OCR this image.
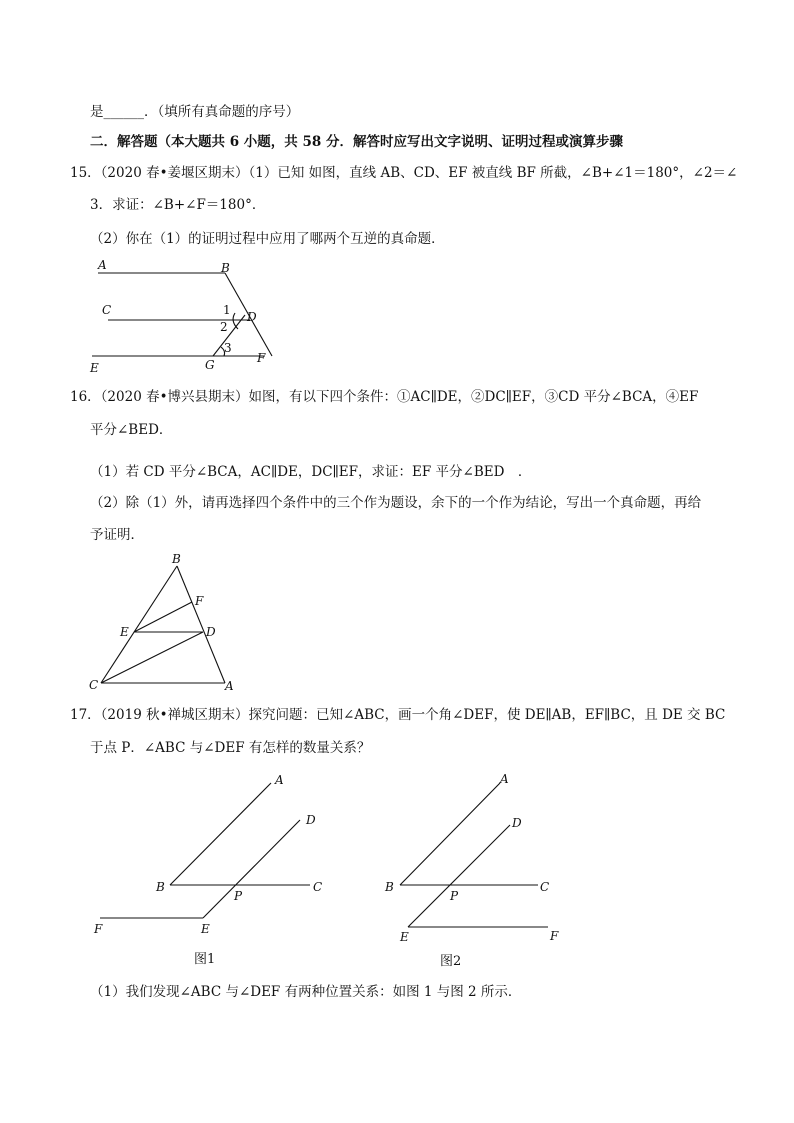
是______．（填所有真命题的序号）
二．解答题（本大题共 6 小题，共 58 分．解答时应写出文字说明、证明过程或演算步骤
15．（2020 春•姜堰区期末）（1）已知 如图，直线 AB、CD、EF 被直线 BF 所截，∠B+∠1＝180°，∠2＝∠
3．求证：∠B+∠F＝180°．
（2）你在（1）的证明过程中应用了哪两个互逆的真命题．
A	B
C	D
E
F
G
1
2
3
16．（2020 春•博兴县期末）如图，有以下四个条件：①AC∥DE，②DC∥EF，③CD 平分∠BCA，④EF
平分∠BED．
（1）若 CD 平分∠BCA，AC∥DE，DC∥EF，求证：EF 平分∠BED　．
（2）除（1）外，请再选择四个条件中的三个作为题设，余下的一个作为结论，写出一个真命题，再给
予证明．
B
F
E	D
C	A
17．（2019 秋•禅城区期末）探究问题：已知∠ABC，画一个角∠DEF，使 DE∥AB，EF∥BC，且 DE 交 BC
于点 P．∠ABC 与∠DEF 有怎样的数量关系？
A
D
B
P
C
F	E
图1
A
D
B
P
C
E	F
图2
（1）我们发现∠ABC 与∠DEF 有两种位置关系：如图 1 与图 2 所示．
